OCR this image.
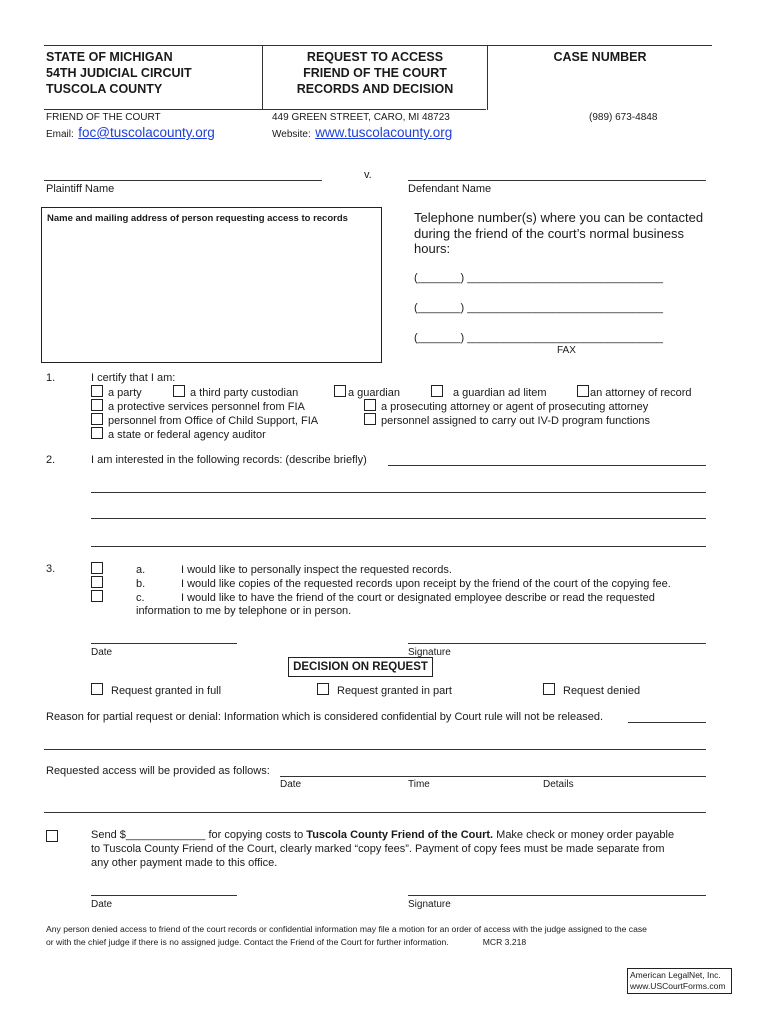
STATE OF MICHIGAN
54TH JUDICIAL CIRCUIT
TUSCOLA COUNTY
REQUEST TO ACCESS
FRIEND OF THE COURT
RECORDS AND DECISION
CASE NUMBER
FRIEND OF THE COURT	449 GREEN STREET, CARO, MI 48723	(989) 673-4848
Email: foc@tuscolacounty.org	Website: www.tuscolacounty.org
v.
Plaintiff Name	Defendant Name
Name and mailing address of person requesting access to records	Telephone number(s) where you can be contacted
during the friend of the court’s normal business
hours:
(_______) ________________________________
(_______) ________________________________
(_______) ________________________________
FAX
1.	I certify that I am:
a party	a third party custodian	a guardian	a guardian ad litem	an attorney of record
a protective services personnel from FIA	a prosecuting attorney or agent of prosecuting attorney
personnel from Office of Child Support, FIA	personnel assigned to carry out IV-D program functions
a state or federal agency auditor
2.	I am interested in the following records: (describe briefly)
3.	a.
b.
c.
I would like to personally inspect the requested records.
I would like copies of the requested records upon receipt by the friend of the court of the copying fee.
I would like to have the friend of the court or designated employee describe or read the requested
information to me by telephone or in person.
Date	Signature
DECISION ON REQUEST
Request granted in full	Request granted in part	Request denied
Reason for partial request or denial: Information which is considered confidential by Court rule will not be released.
Requested access will be provided as follows:
Date	Time	Details
Send $_____________ for copying costs to Tuscola County Friend of the Court. Make check or money order payable
to Tuscola County Friend of the Court, clearly marked “copy fees”. Payment of copy fees must be made separate from
any other payment made to this office.
Date	Signature
Any person denied access to friend of the court records or confidential information may file a motion for an order of access with the judge assigned to the case
or with the chief judge if there is no assigned judge. Contact the Friend of the Court for further information.	MCR 3.218
American LegalNet, Inc.
www.USCourtForms.com
